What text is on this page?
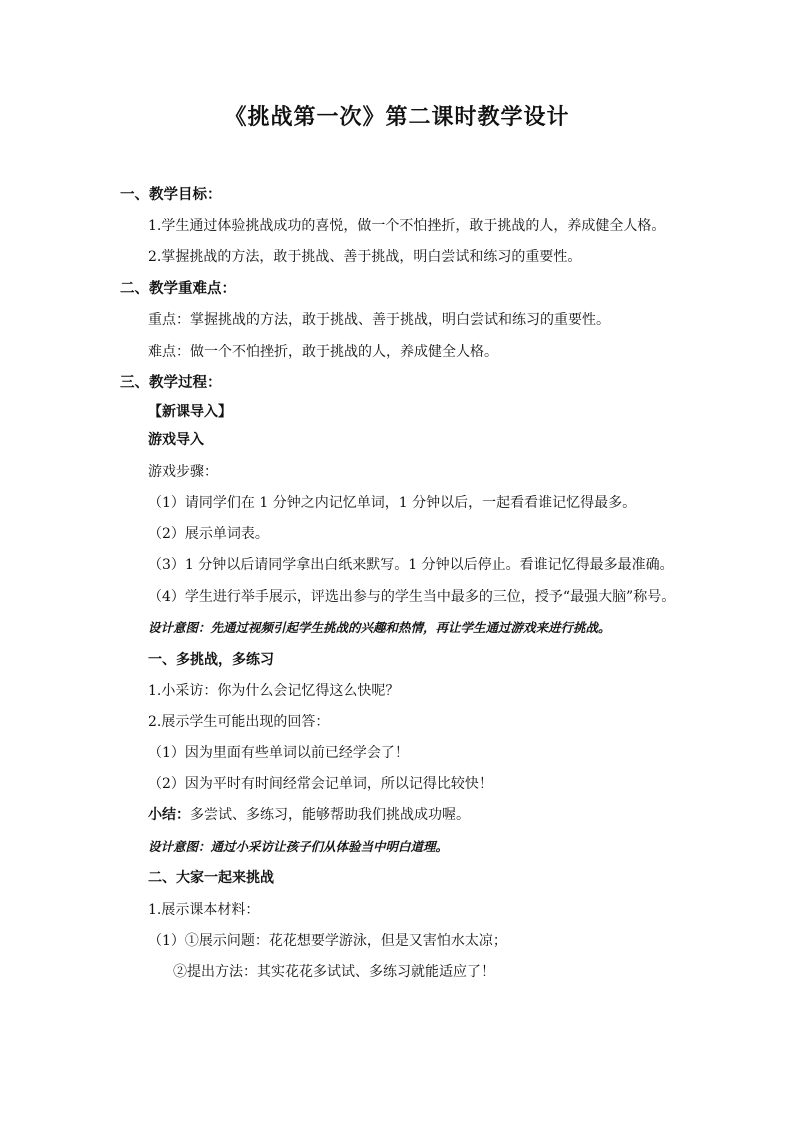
《挑战第一次》第二课时教学设计
一、教学目标：
1.学生通过体验挑战成功的喜悦，做一个不怕挫折，敢于挑战的人，养成健全人格。
2.掌握挑战的方法，敢于挑战、善于挑战，明白尝试和练习的重要性。
二、教学重难点：
重点：掌握挑战的方法，敢于挑战、善于挑战，明白尝试和练习的重要性。
难点：做一个不怕挫折，敢于挑战的人，养成健全人格。
三、教学过程：
【新课导入】
游戏导入
游戏步骤：
（1）请同学们在 1 分钟之内记忆单词，1 分钟以后，一起看看谁记忆得最多。
（2）展示单词表。
（3）1 分钟以后请同学拿出白纸来默写。1 分钟以后停止。看谁记忆得最多最准确。
（4）学生进行举手展示，评选出参与的学生当中最多的三位，授予“最强大脑”称号。
设计意图：先通过视频引起学生挑战的兴趣和热情，再让学生通过游戏来进行挑战。
一、多挑战，多练习
1.小采访：你为什么会记忆得这么快呢？
2.展示学生可能出现的回答：
（1）因为里面有些单词以前已经学会了！
（2）因为平时有时间经常会记单词，所以记得比较快！
小结：多尝试、多练习，能够帮助我们挑战成功喔。
设计意图：通过小采访让孩子们从体验当中明白道理。
二、大家一起来挑战
1.展示课本材料：
（1）①展示问题：花花想要学游泳，但是又害怕水太凉；
②提出方法：其实花花多试试、多练习就能适应了！
